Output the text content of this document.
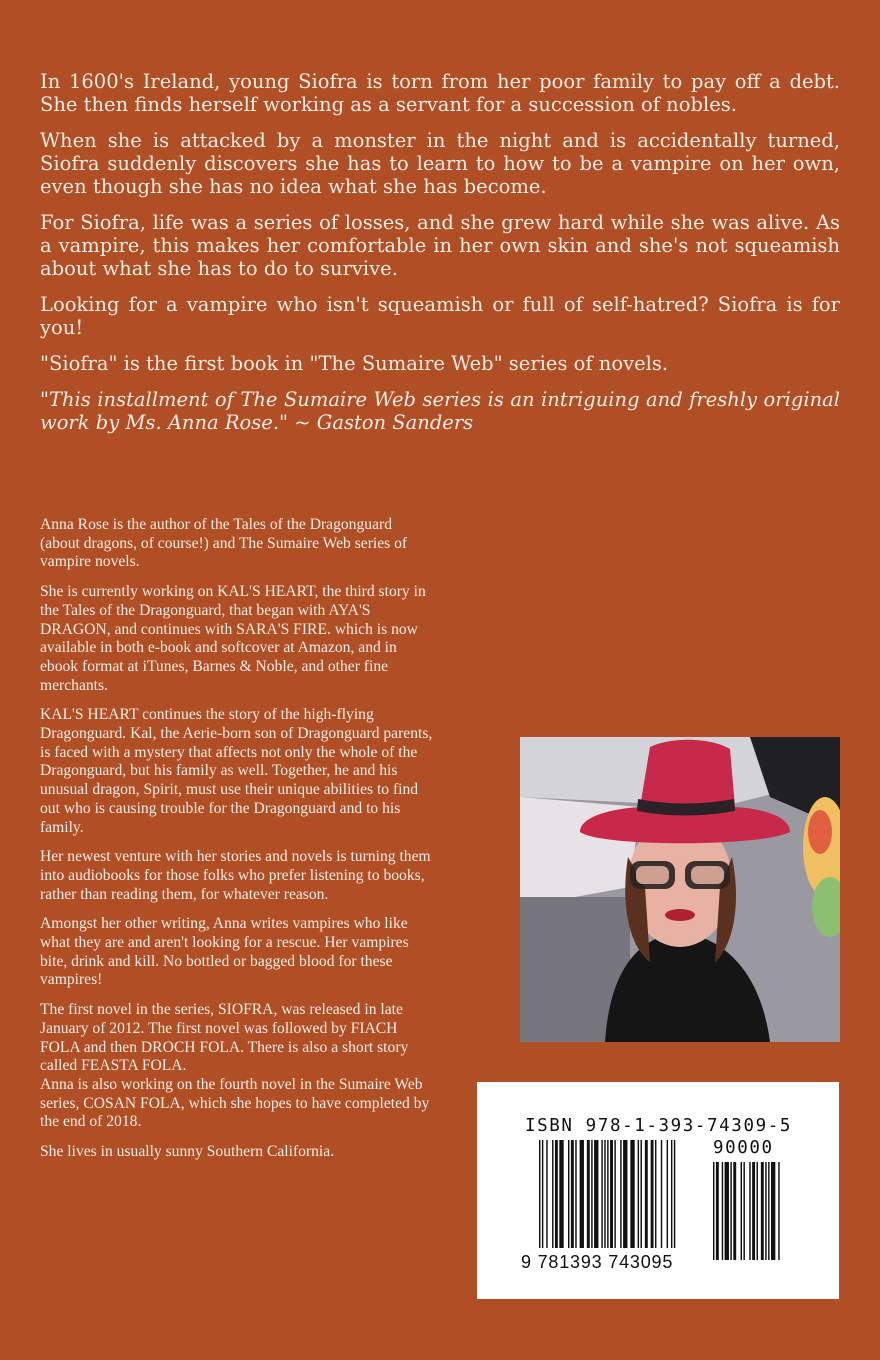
In 1600's Ireland, young Siofra is torn from her poor family to pay off a debt. She then finds herself working as a servant for a succession of nobles.

When she is attacked by a monster in the night and is accidentally turned, Siofra suddenly discovers she has to learn to how to be a vampire on her own, even though she has no idea what she has become.

For Siofra, life was a series of losses, and she grew hard while she was alive. As a vampire, this makes her comfortable in her own skin and she's not squeamish about what she has to do to survive.

Looking for a vampire who isn't squeamish or full of self-hatred? Siofra is for you!

"Siofra" is the first book in "The Sumaire Web" series of novels.

"This installment of The Sumaire Web series is an intriguing and freshly original work by Ms. Anna Rose." ~ Gaston Sanders

Anna Rose is the author of the Tales of the Dragonguard (about dragons, of course!) and The Sumaire Web series of vampire novels.

She is currently working on KAL'S HEART, the third story in the Tales of the Dragonguard, that began with AYA'S DRAGON, and continues with SARA'S FIRE. which is now available in both e-book and softcover at Amazon, and in ebook format at iTunes, Barnes & Noble, and other fine merchants.

KAL'S HEART continues the story of the high-flying Dragonguard. Kal, the Aerie-born son of Dragonguard parents, is faced with a mystery that affects not only the whole of the Dragonguard, but his family as well. Together, he and his unusual dragon, Spirit, must use their unique abilities to find out who is causing trouble for the Dragonguard and to his family.

Her newest venture with her stories and novels is turning them into audiobooks for those folks who prefer listening to books, rather than reading them, for whatever reason.

Amongst her other writing, Anna writes vampires who like what they are and aren't looking for a rescue. Her vampires bite, drink and kill. No bottled or bagged blood for these vampires!

The first novel in the series, SIOFRA, was released in late January of 2012. The first novel was followed by FIACH FOLA and then DROCH FOLA. There is also a short story called FEASTA FOLA.
Anna is also working on the fourth novel in the Sumaire Web series, COSAN FOLA, which she hopes to have completed by the end of 2018.

She lives in usually sunny Southern California.

ISBN 978-1-393-74309-5
90000
9 781393 743095
